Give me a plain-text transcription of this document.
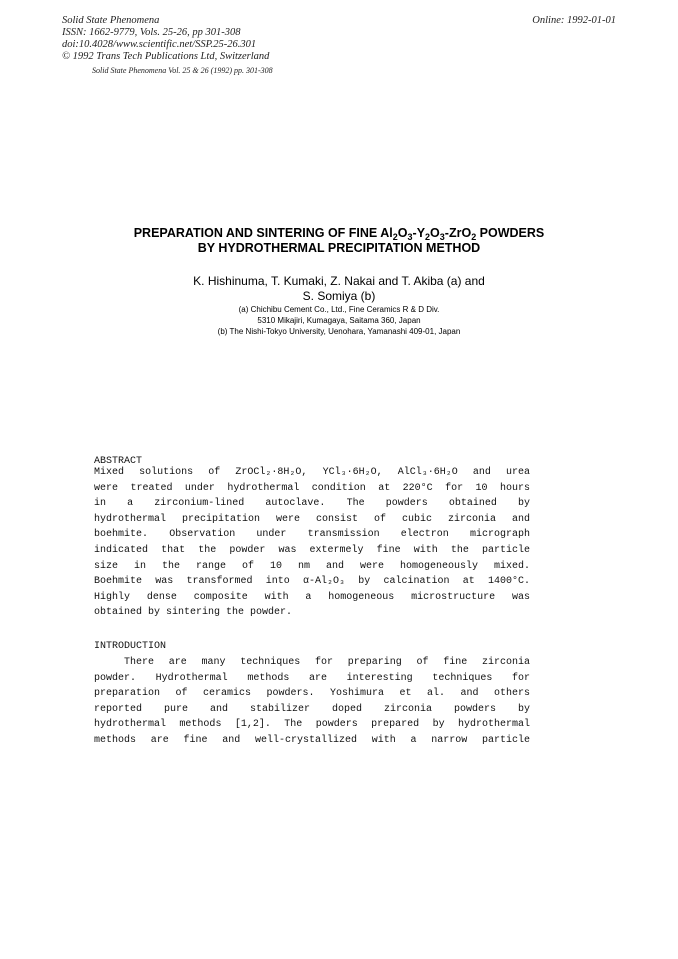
Solid State Phenomena
ISSN: 1662-9779, Vols. 25-26, pp 301-308
doi:10.4028/www.scientific.net/SSP.25-26.301
© 1992 Trans Tech Publications Ltd, Switzerland
Online: 1992-01-01
Solid State Phenomena Vol. 25 & 26 (1992) pp. 301-308
PREPARATION AND SINTERING OF FINE $Al_2O_3-Y_2O_3-ZrO_2$ POWDERS
BY HYDROTHERMAL PRECIPITATION METHOD
K. Hishinuma, T. Kumaki, Z. Nakai and T. Akiba (a) and
S. Somiya (b)
(a) Chichibu Cement Co., Ltd., Fine Ceramics R & D Div.
5310 Mikajiri, Kumagaya, Saitama 360, Japan
(b) The Nishi-Tokyo University, Uenohara, Yamanashi 409-01, Japan
ABSTRACT
Mixed solutions of ZrOCl₂·8H₂O, YCl₃·6H₂O, AlCl₃·6H₂O and urea
were treated under hydrothermal condition at 220°C for 10 hours
in a zirconium-lined autoclave. The powders obtained by
hydrothermal precipitation were consist of cubic zirconia and
boehmite. Observation under transmission electron micrograph
indicated that the powder was extermely fine with the particle
size in the range of 10 nm and were homogeneously mixed.
Boehmite was transformed into α-Al₂O₃ by calcination at 1400°C.
Highly dense composite with a homogeneous microstructure was
obtained by sintering the powder.
INTRODUCTION
There are many techniques for preparing of fine zirconia
powder. Hydrothermal methods are interesting techniques for
preparation of ceramics powders. Yoshimura et al. and others
reported pure and stabilizer doped zirconia powders by
hydrothermal methods [1,2]. The powders prepared by hydrothermal
methods are fine and well-crystallized with a narrow particle
